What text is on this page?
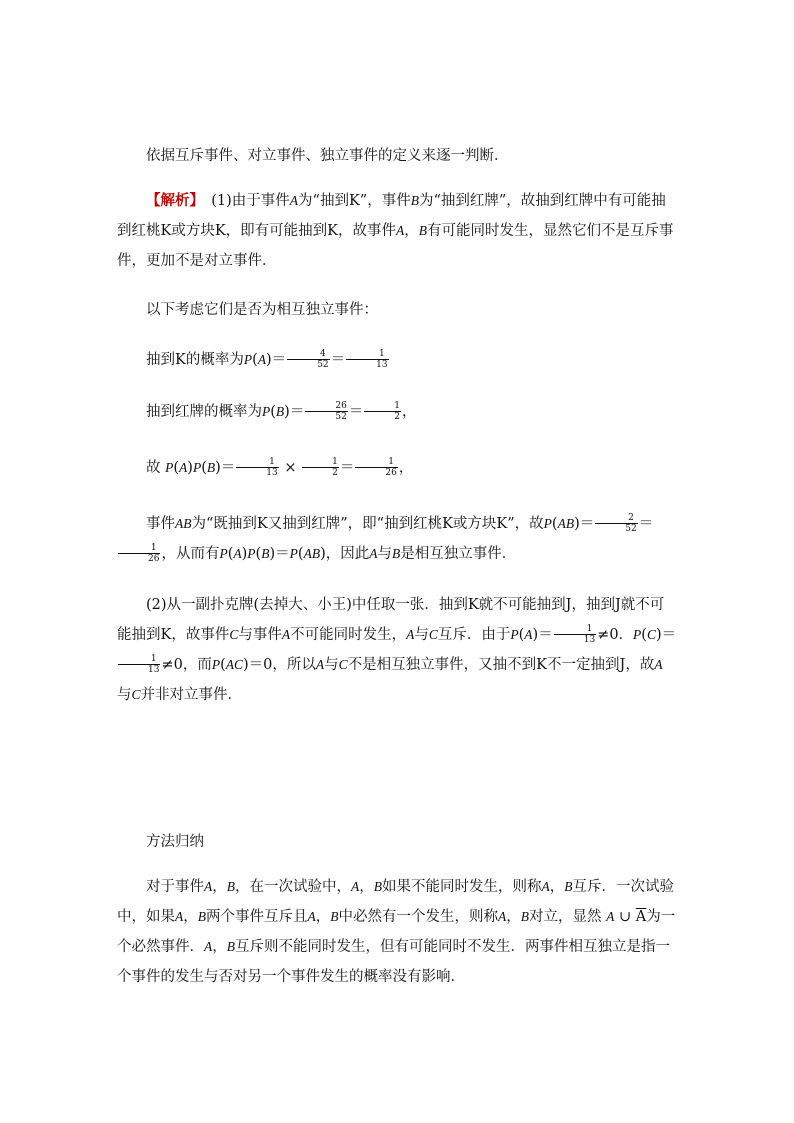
依据互斥事件、对立事件、独立事件的定义来逐一判断．

【解析】　 (1)由于事件A为“抽到K”，事件B为“抽到红牌”，故抽到红牌中有可能抽到红桃K或方块K，即有可能抽到K，故事件A，B有可能同时发生，显然它们不是互斥事件，更加不是对立事件．

以下考虑它们是否为相互独立事件：

抽到K的概率为$P(A)= \frac{4}{52} = \frac{1}{13}$

抽到红牌的概率为$P(B)= \frac{26}{52} = \frac{1}{2}$ ，

故 $P(A)P(B)= \frac{1}{13} \times \frac{1}{2} = \frac{1}{26}$ ，

事件AB为“既抽到K又抽到红牌”，即“抽到红桃K或方块K”，故$P(AB)= \frac{2}{52}$ ＝
$\frac{1}{26}$ ，从而有P(A)P(B)＝P(AB)，因此A与B是相互独立事件．

(2)从一副扑克牌(去掉大、小王)中任取一张．抽到K就不可能抽到J，抽到J就不可能抽到K，故事件C与事件A不可能同时发生，A与C互斥．由于$P(A)= \frac{1}{13} \ne 0$．P(C)＝
$\frac{1}{13} \ne 0$，而P(AC)＝0，所以A与C不是相互独立事件，又抽不到K不一定抽到J，故A与C并非对立事件．

方法归纳

对于事件A，B，在一次试验中，A，B如果不能同时发生，则称A，B互斥．一次试验中，如果A，B两个事件互斥且A，B中必然有一个发生，则称A，B对立，显然 A ∪ $\overline{A}$为一个必然事件．A，B互斥则不能同时发生，但有可能同时不发生．两事件相互独立是指一个事件的发生与否对另一个事件发生的概率没有影响．
